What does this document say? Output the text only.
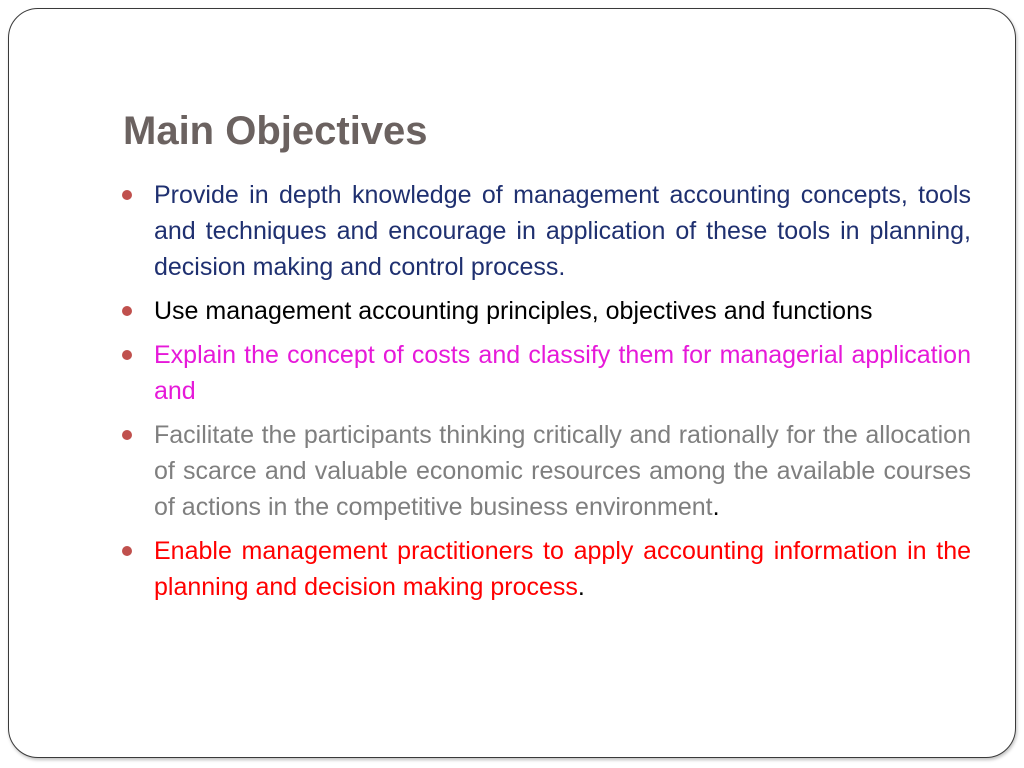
Main Objectives
Provide in depth knowledge of management accounting concepts, tools and techniques and encourage in application of these tools in planning, decision making and control process.
Use management accounting principles, objectives and functions
Explain the concept of costs and classify them for managerial application and
Facilitate the participants thinking critically and rationally for the allocation of scarce and valuable economic resources among the available courses of actions in the competitive business environment.
Enable management practitioners to apply accounting information in the planning and decision making process.
